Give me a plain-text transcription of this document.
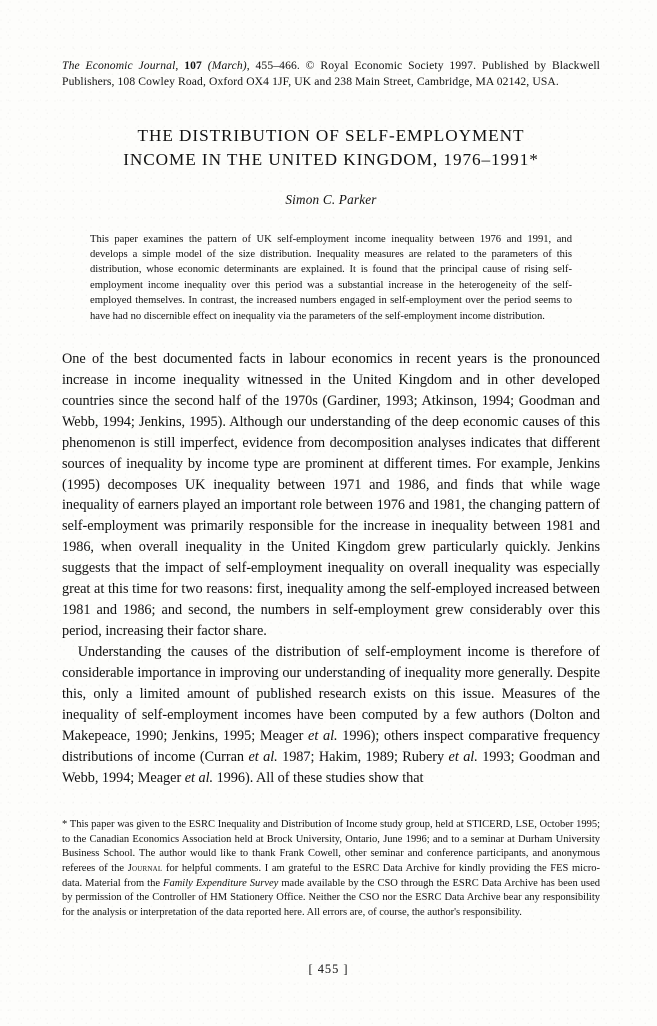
The Economic Journal, 107 (March), 455–466. © Royal Economic Society 1997. Published by Blackwell Publishers, 108 Cowley Road, Oxford OX4 1JF, UK and 238 Main Street, Cambridge, MA 02142, USA.
THE DISTRIBUTION OF SELF-EMPLOYMENT
INCOME IN THE UNITED KINGDOM, 1976–1991*
Simon C. Parker
This paper examines the pattern of UK self-employment income inequality between 1976 and 1991, and develops a simple model of the size distribution. Inequality measures are related to the parameters of this distribution, whose economic determinants are explained. It is found that the principal cause of rising self-employment income inequality over this period was a substantial increase in the heterogeneity of the self-employed themselves. In contrast, the increased numbers engaged in self-employment over the period seems to have had no discernible effect on inequality via the parameters of the self-employment income distribution.

One of the best documented facts in labour economics in recent years is the pronounced increase in income inequality witnessed in the United Kingdom and in other developed countries since the second half of the 1970s (Gardiner, 1993; Atkinson, 1994; Goodman and Webb, 1994; Jenkins, 1995). Although our understanding of the deep economic causes of this phenomenon is still imperfect, evidence from decomposition analyses indicates that different sources of inequality by income type are prominent at different times. For example, Jenkins (1995) decomposes UK inequality between 1971 and 1986, and finds that while wage inequality of earners played an important role between 1976 and 1981, the changing pattern of self-employment was primarily responsible for the increase in inequality between 1981 and 1986, when overall inequality in the United Kingdom grew particularly quickly. Jenkins suggests that the impact of self-employment inequality on overall inequality was especially great at this time for two reasons: first, inequality among the self-employed increased between 1981 and 1986; and second, the numbers in self-employment grew considerably over this period, increasing their factor share.

Understanding the causes of the distribution of self-employment income is therefore of considerable importance in improving our understanding of inequality more generally. Despite this, only a limited amount of published research exists on this issue. Measures of the inequality of self-employment incomes have been computed by a few authors (Dolton and Makepeace, 1990; Jenkins, 1995; Meager et al. 1996); others inspect comparative frequency distributions of income (Curran et al. 1987; Hakim, 1989; Rubery et al. 1993; Goodman and Webb, 1994; Meager et al. 1996). All of these studies show that

* This paper was given to the ESRC Inequality and Distribution of Income study group, held at STICERD, LSE, October 1995; to the Canadian Economics Association held at Brock University, Ontario, June 1996; and to a seminar at Durham University Business School. The author would like to thank Frank Cowell, other seminar and conference participants, and anonymous referees of the Journal for helpful comments. I am grateful to the ESRC Data Archive for kindly providing the FES micro-data. Material from the Family Expenditure Survey made available by the CSO through the ESRC Data Archive has been used by permission of the Controller of HM Stationery Office. Neither the CSO nor the ESRC Data Archive bear any responsibility for the analysis or interpretation of the data reported here. All errors are, of course, the author's responsibility.
[ 455 ]
